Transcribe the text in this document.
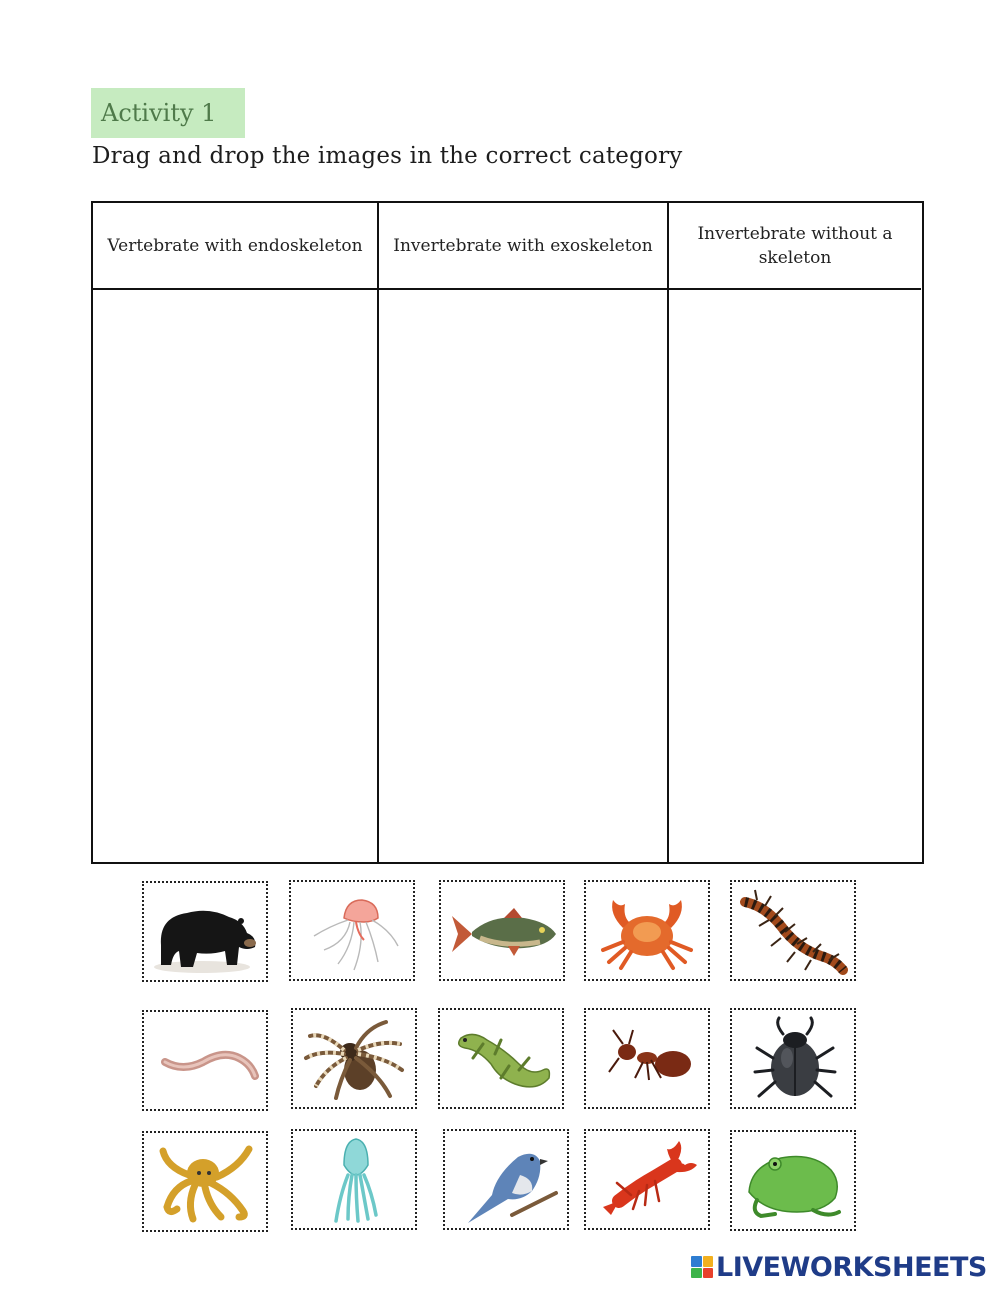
Activity 1
Drag and drop the images in the correct category
Vertebrate with endoskeleton	Invertebrate with exoskeleton
Invertebrate without a skeleton
LIVEWORKSHEETS
